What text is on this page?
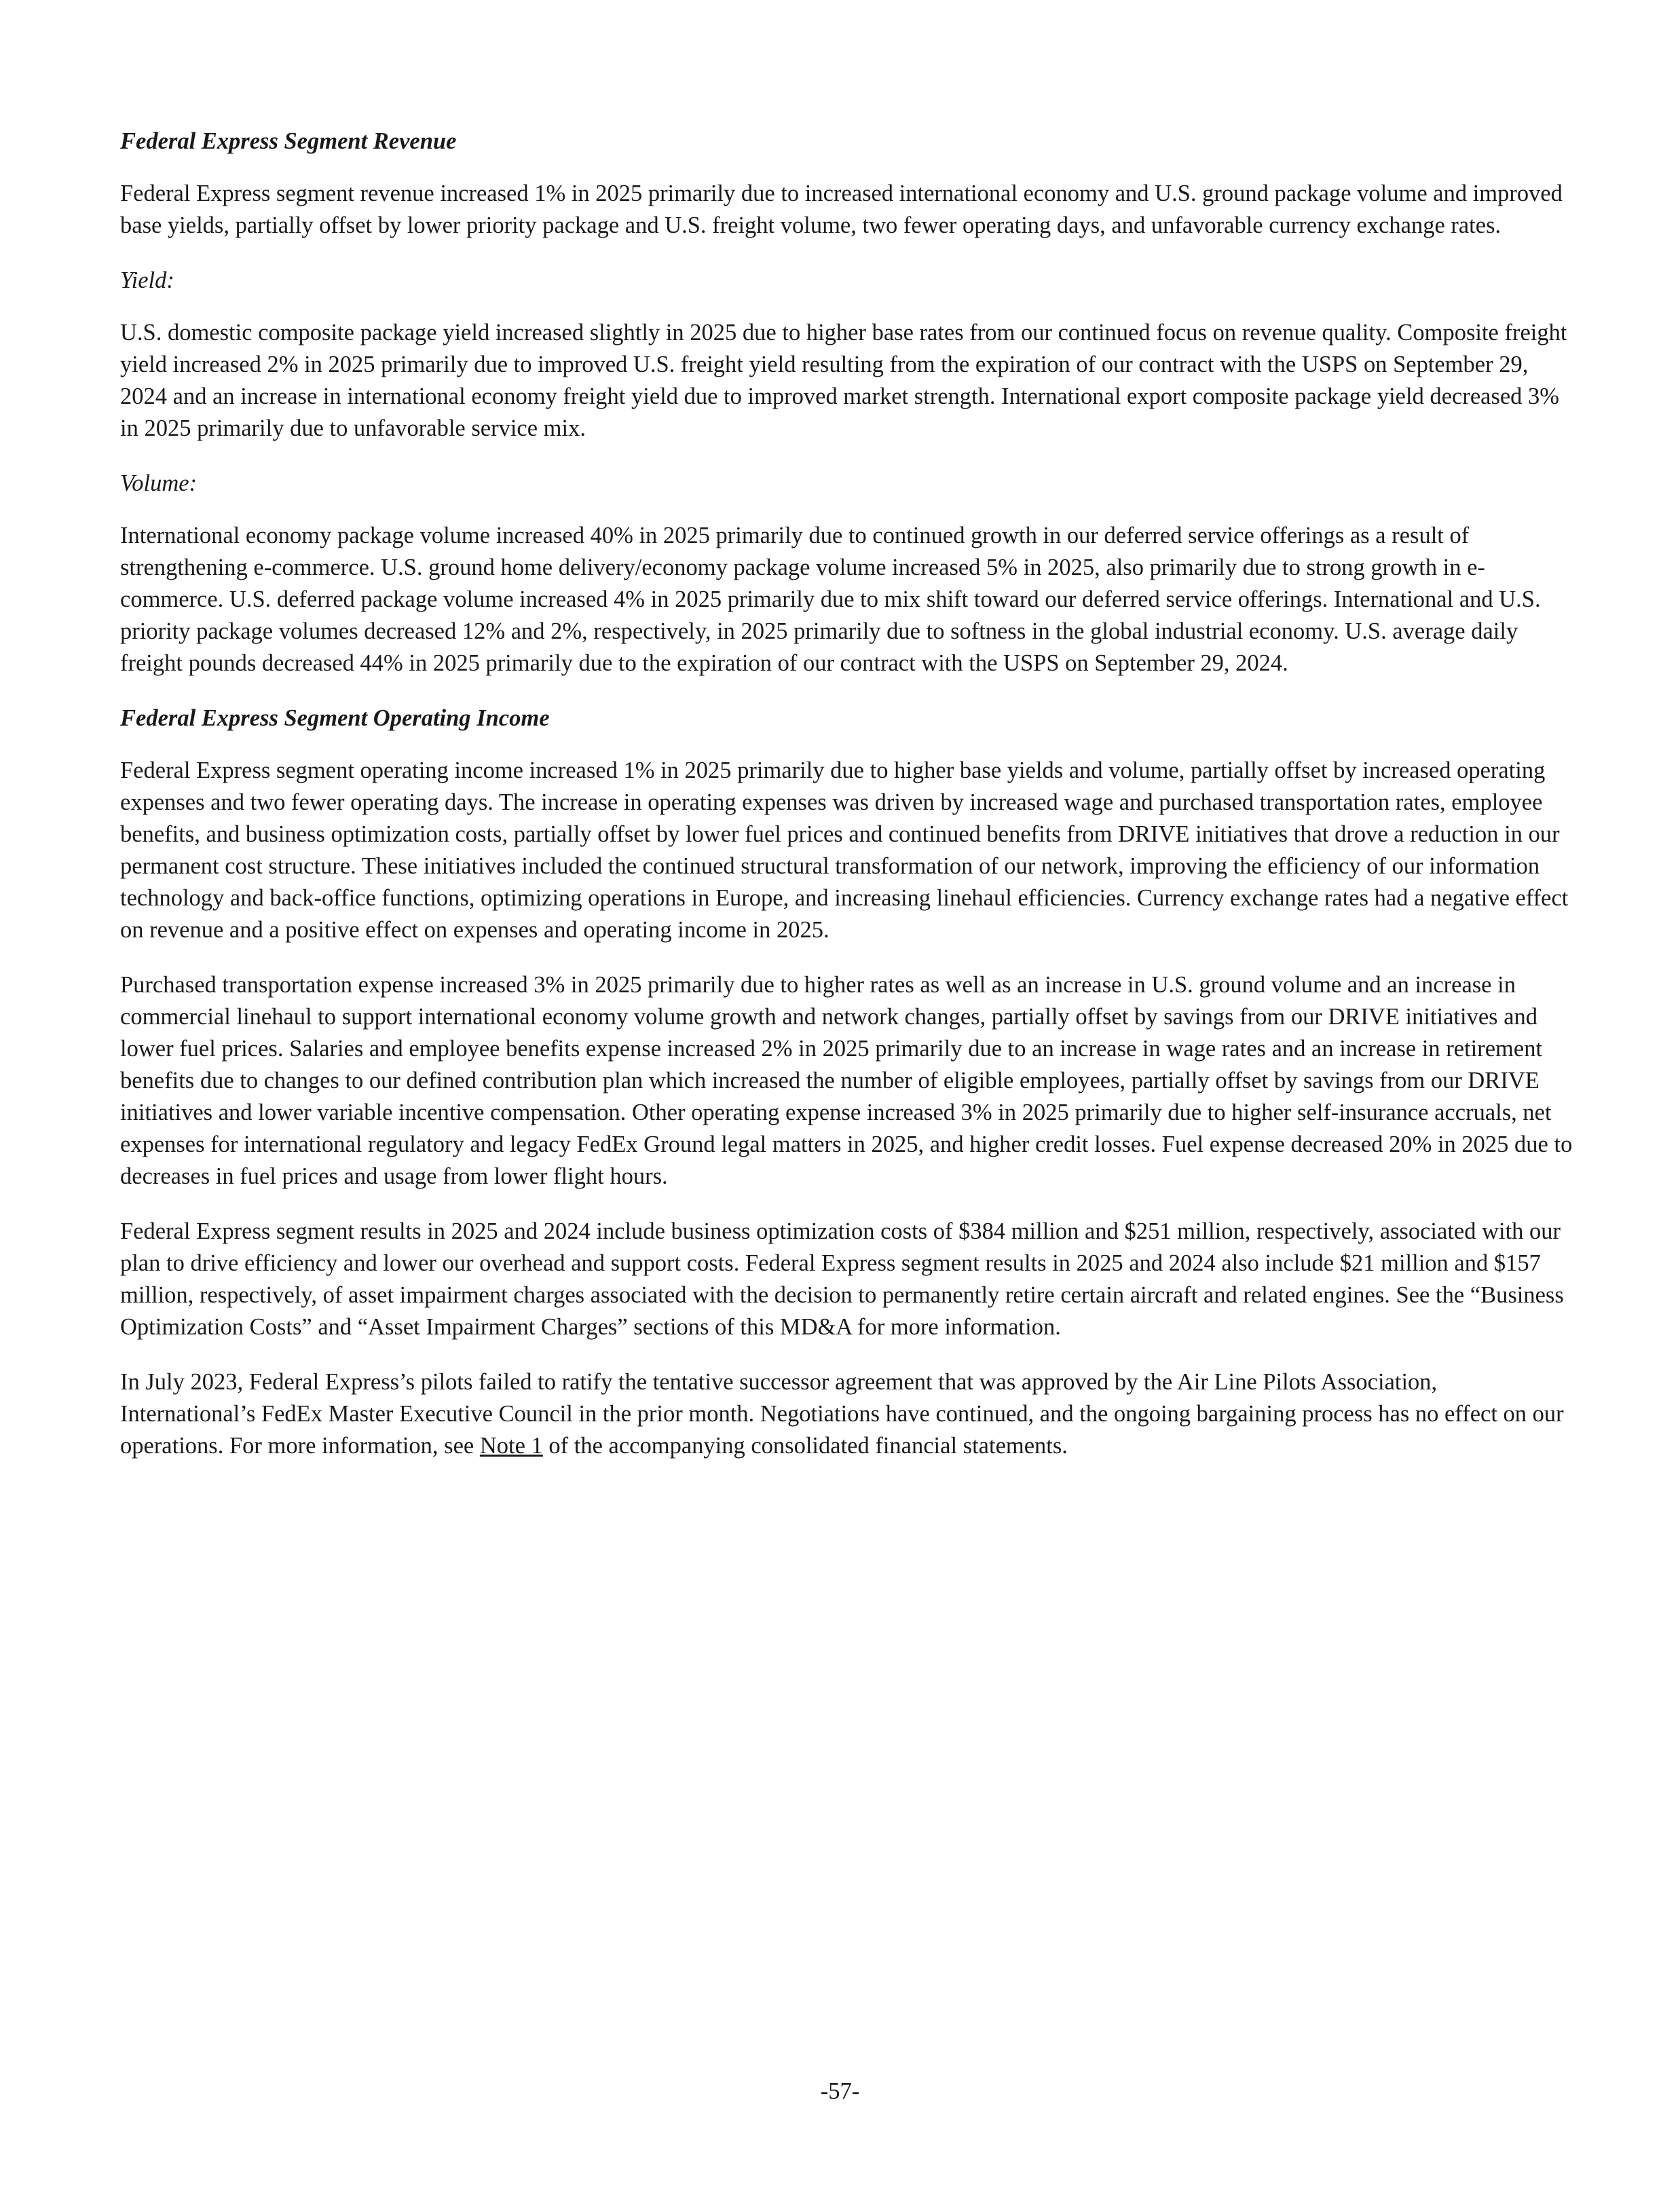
Federal Express Segment Revenue

Federal Express segment revenue increased 1% in 2025 primarily due to increased international economy and U.S. ground package volume and improved base yields, partially offset by lower priority package and U.S. freight volume, two fewer operating days, and unfavorable currency exchange rates.

Yield:

U.S. domestic composite package yield increased slightly in 2025 due to higher base rates from our continued focus on revenue quality. Composite freight yield increased 2% in 2025 primarily due to improved U.S. freight yield resulting from the expiration of our contract with the USPS on September 29, 2024 and an increase in international economy freight yield due to improved market strength. International export composite package yield decreased 3% in 2025 primarily due to unfavorable service mix.

Volume:

International economy package volume increased 40% in 2025 primarily due to continued growth in our deferred service offerings as a result of strengthening e-commerce. U.S. ground home delivery/economy package volume increased 5% in 2025, also primarily due to strong growth in e-commerce. U.S. deferred package volume increased 4% in 2025 primarily due to mix shift toward our deferred service offerings. International and U.S. priority package volumes decreased 12% and 2%, respectively, in 2025 primarily due to softness in the global industrial economy. U.S. average daily freight pounds decreased 44% in 2025 primarily due to the expiration of our contract with the USPS on September 29, 2024.

Federal Express Segment Operating Income

Federal Express segment operating income increased 1% in 2025 primarily due to higher base yields and volume, partially offset by increased operating expenses and two fewer operating days. The increase in operating expenses was driven by increased wage and purchased transportation rates, employee benefits, and business optimization costs, partially offset by lower fuel prices and continued benefits from DRIVE initiatives that drove a reduction in our permanent cost structure. These initiatives included the continued structural transformation of our network, improving the efficiency of our information technology and back-office functions, optimizing operations in Europe, and increasing linehaul efficiencies. Currency exchange rates had a negative effect on revenue and a positive effect on expenses and operating income in 2025.

Purchased transportation expense increased 3% in 2025 primarily due to higher rates as well as an increase in U.S. ground volume and an increase in commercial linehaul to support international economy volume growth and network changes, partially offset by savings from our DRIVE initiatives and lower fuel prices. Salaries and employee benefits expense increased 2% in 2025 primarily due to an increase in wage rates and an increase in retirement benefits due to changes to our defined contribution plan which increased the number of eligible employees, partially offset by savings from our DRIVE initiatives and lower variable incentive compensation. Other operating expense increased 3% in 2025 primarily due to higher self-insurance accruals, net expenses for international regulatory and legacy FedEx Ground legal matters in 2025, and higher credit losses. Fuel expense decreased 20% in 2025 due to decreases in fuel prices and usage from lower flight hours.

Federal Express segment results in 2025 and 2024 include business optimization costs of $384 million and $251 million, respectively, associated with our plan to drive efficiency and lower our overhead and support costs. Federal Express segment results in 2025 and 2024 also include $21 million and $157 million, respectively, of asset impairment charges associated with the decision to permanently retire certain aircraft and related engines. See the “Business Optimization Costs” and “Asset Impairment Charges” sections of this MD&A for more information.

In July 2023, Federal Express’s pilots failed to ratify the tentative successor agreement that was approved by the Air Line Pilots Association, International’s FedEx Master Executive Council in the prior month. Negotiations have continued, and the ongoing bargaining process has no effect on our operations. For more information, see Note 1 of the accompanying consolidated financial statements.

-57-
